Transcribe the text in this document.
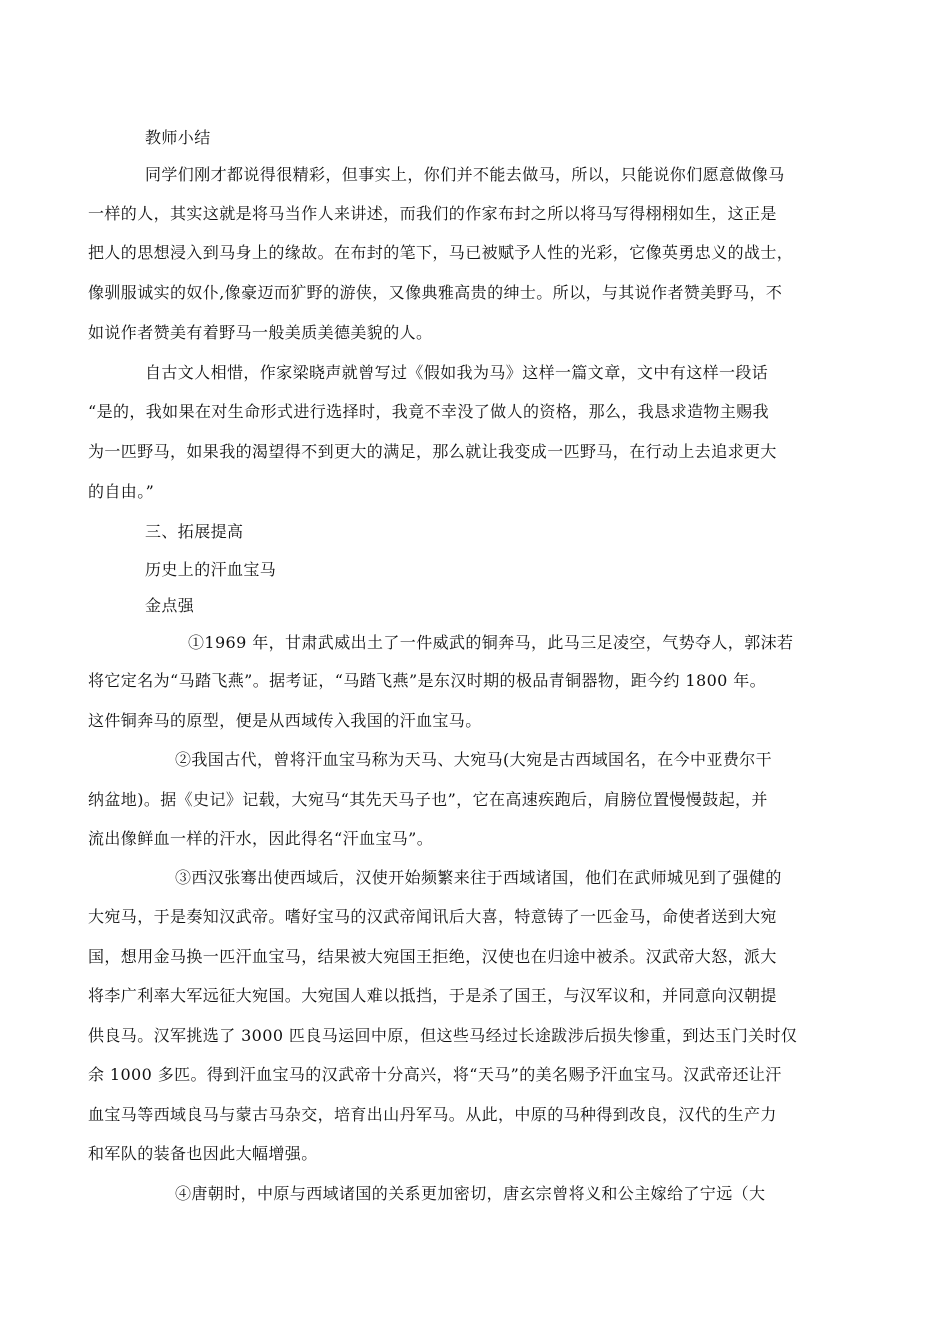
教师小结
同学们刚才都说得很精彩，但事实上，你们并不能去做马，所以，只能说你们愿意做像马
一样的人，其实这就是将马当作人来讲述，而我们的作家布封之所以将马写得栩栩如生，这正是
把人的思想浸入到马身上的缘故。在布封的笔下，马已被赋予人性的光彩，它像英勇忠义的战士，
像驯服诚实的奴仆,像豪迈而犷野的游侠，又像典雅高贵的绅士。所以，与其说作者赞美野马，不
如说作者赞美有着野马一般美质美德美貌的人。
自古文人相惜，作家梁晓声就曾写过《假如我为马》这样一篇文章，文中有这样一段话
“是的，我如果在对生命形式进行选择时，我竟不幸没了做人的资格，那么，我恳求造物主赐我
为一匹野马，如果我的渴望得不到更大的满足，那么就让我变成一匹野马，在行动上去追求更大
的自由。”
三、拓展提高
历史上的汗血宝马
金点强
①1969 年，甘肃武威出土了一件威武的铜奔马，此马三足凌空，气势夺人，郭沫若
将它定名为“马踏飞燕”。据考证，“马踏飞燕”是东汉时期的极品青铜器物，距今约 1800 年。
这件铜奔马的原型，便是从西域传入我国的汗血宝马。
②我国古代，曾将汗血宝马称为天马、大宛马(大宛是古西域国名，在今中亚费尔干
纳盆地)。据《史记》记载，大宛马“其先天马子也”，它在高速疾跑后，肩膀位置慢慢鼓起，并
流出像鲜血一样的汗水，因此得名“汗血宝马”。
③西汉张骞出使西域后，汉使开始频繁来往于西域诸国，他们在武师城见到了强健的
大宛马，于是奏知汉武帝。嗜好宝马的汉武帝闻讯后大喜，特意铸了一匹金马，命使者送到大宛
国，想用金马换一匹汗血宝马，结果被大宛国王拒绝，汉使也在归途中被杀。汉武帝大怒，派大
将李广利率大军远征大宛国。大宛国人难以抵挡，于是杀了国王，与汉军议和，并同意向汉朝提
供良马。汉军挑选了 3000 匹良马运回中原，但这些马经过长途跋涉后损失惨重，到达玉门关时仅
余 1000 多匹。得到汗血宝马的汉武帝十分高兴，将“天马”的美名赐予汗血宝马。汉武帝还让汗
血宝马等西域良马与蒙古马杂交，培育出山丹军马。从此，中原的马种得到改良，汉代的生产力
和军队的装备也因此大幅增强。
④唐朝时，中原与西域诸国的关系更加密切，唐玄宗曾将义和公主嫁给了宁远（大
